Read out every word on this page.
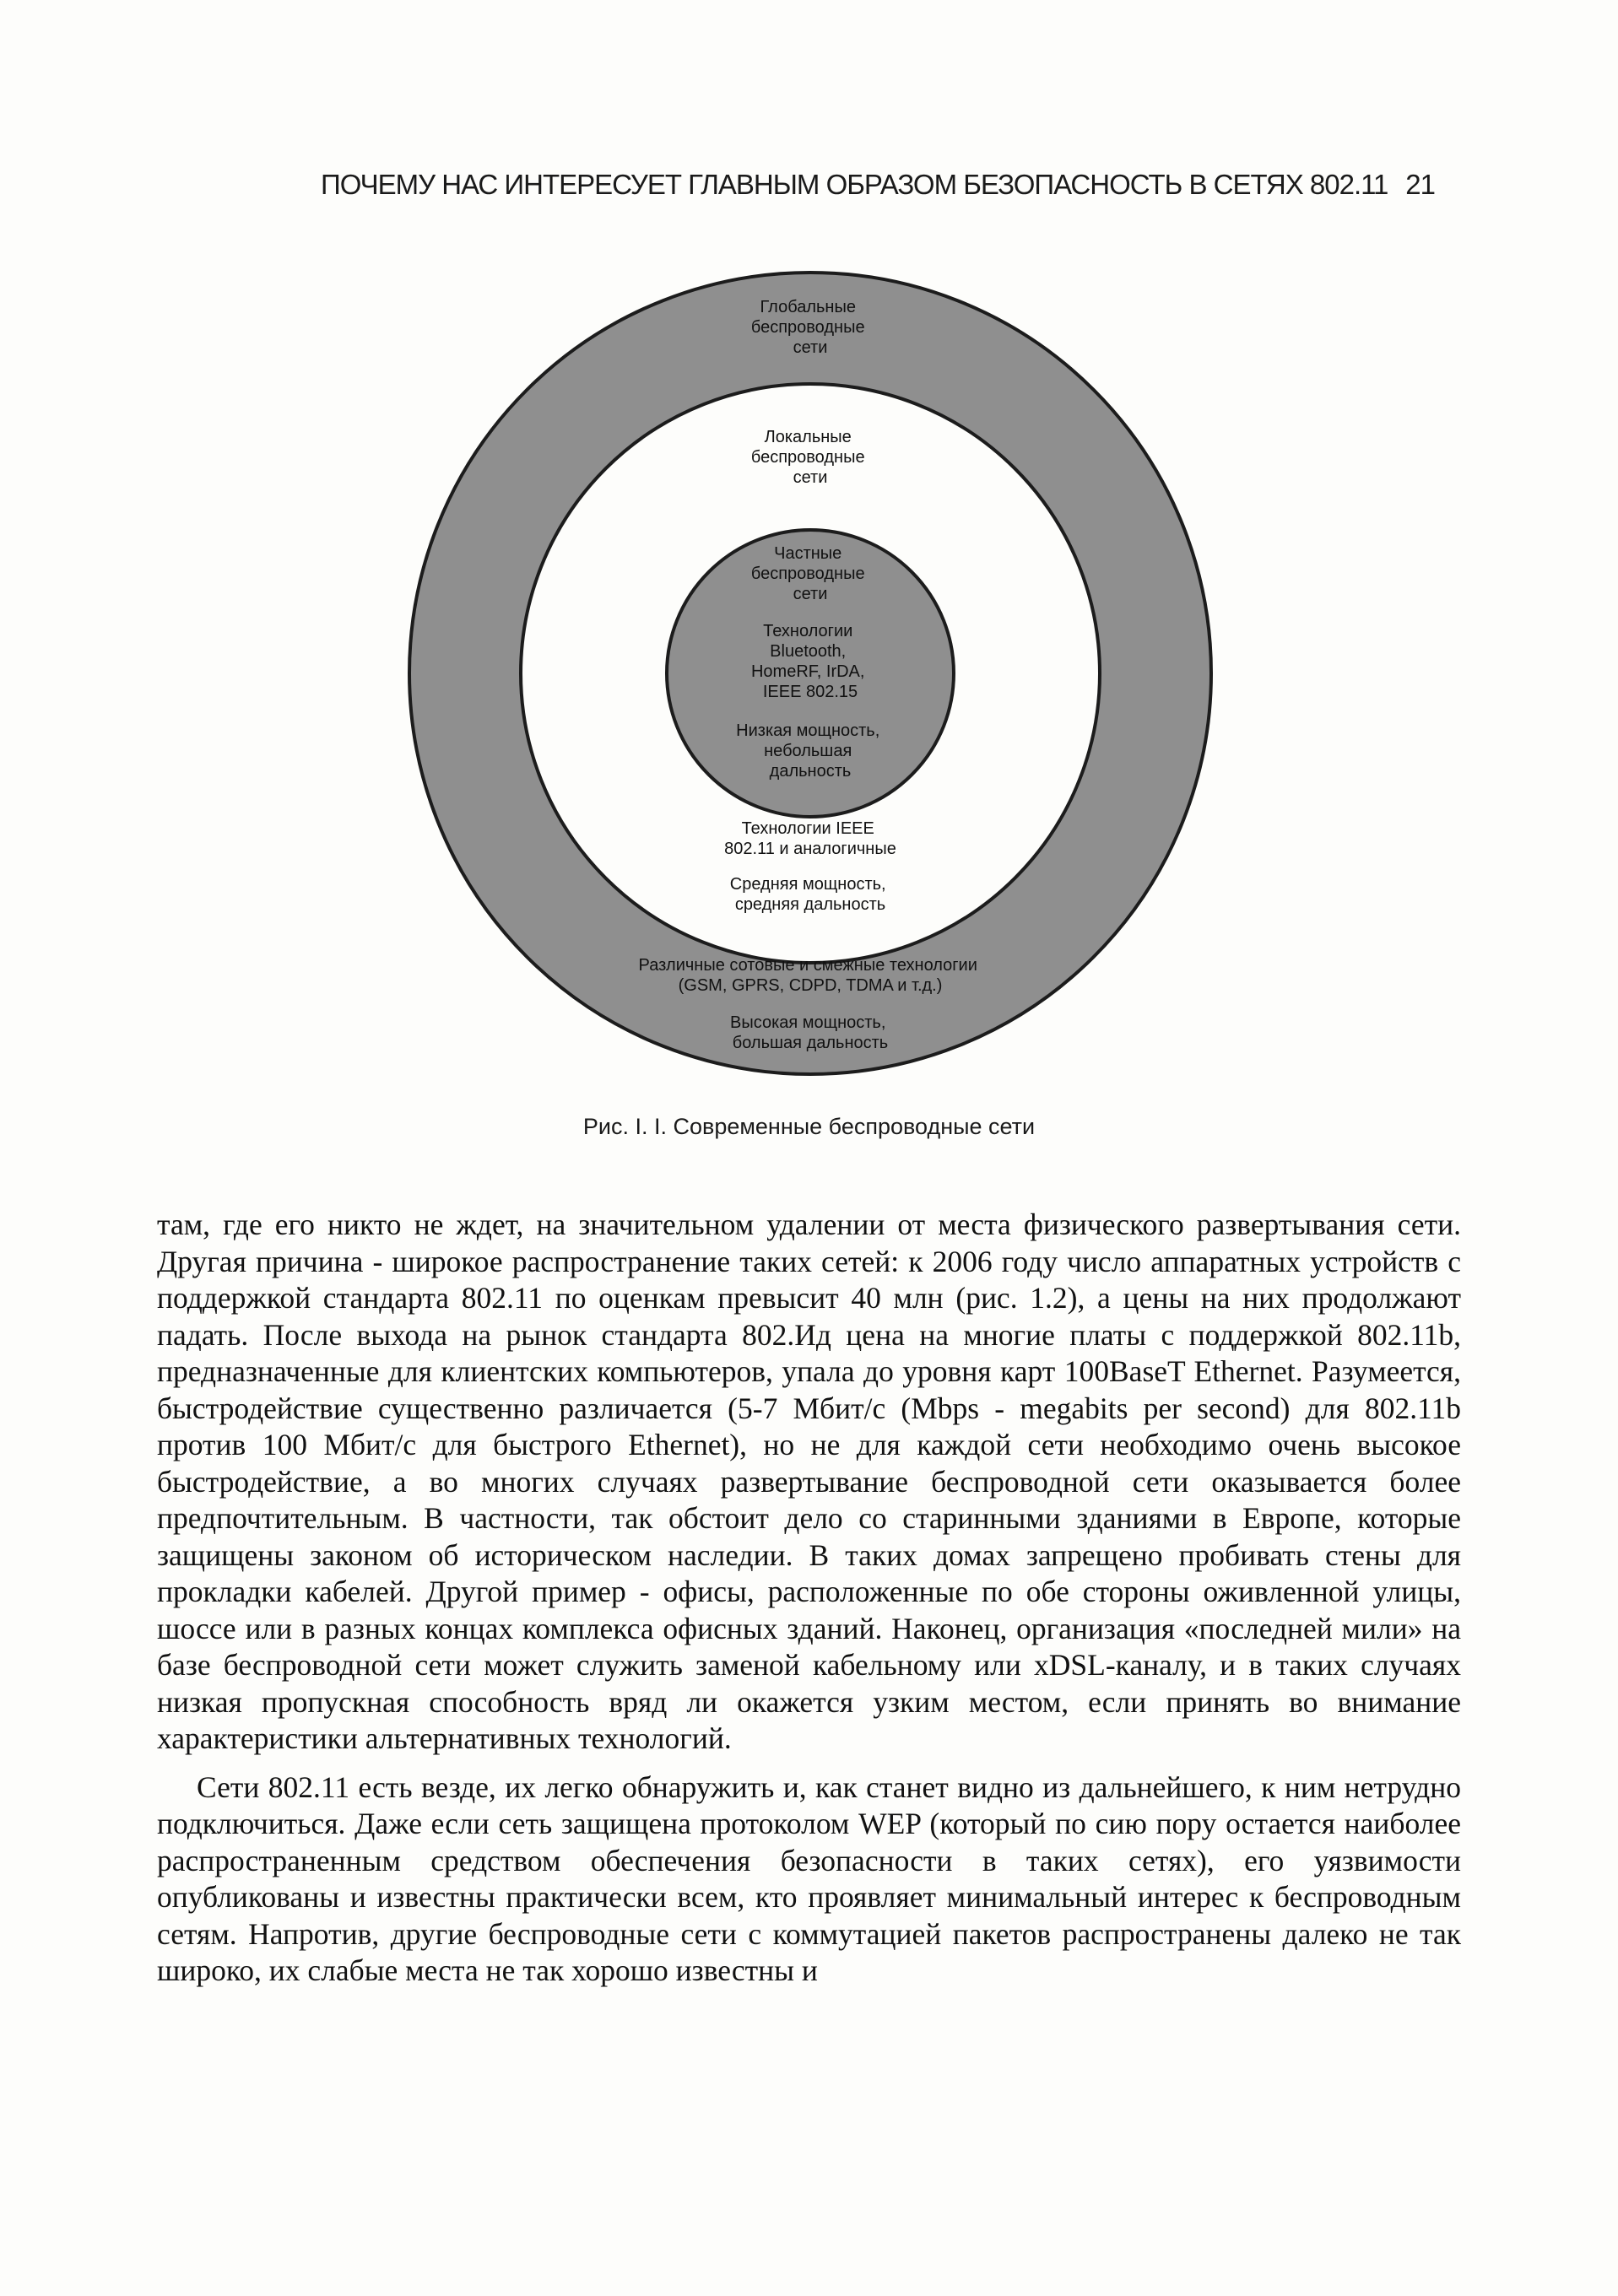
ПОЧЕМУ НАС ИНТЕРЕСУЕТ ГЛАВНЫМ ОБРАЗОМ БЕЗОПАСНОСТЬ В СЕТЯХ 802.11 21
Глобальные беспроводные сети
Локальные беспроводные сети
Частные беспроводные сети
Технологии Bluetooth, HomeRF, IrDA, IEEE 802.15
Низкая мощность, небольшая дальность
Технологии IEEE 802.11 и аналогичные
Средняя мощность, средняя дальность
Различные сотовые и смежные технологии (GSM, GPRS, CDPD, TDMA и т.д.)
Высокая мощность, большая дальность
Рис. I. I. Современные беспроводные сети

там, где его никто не ждет, на значительном удалении от места физического развертывания сети. Другая причина - широкое распространение таких сетей: к 2006 году число аппаратных устройств с поддержкой стандарта 802.11 по оценкам превысит 40 млн (рис. 1.2), а цены на них продолжают падать. После выхода на рынок стандарта 802.Ид цена на многие платы с поддержкой 802.11b, предназначенные для клиентских компьютеров, упала до уровня карт 100BaseT Ethernet. Разумеется, быстродействие существенно различается (5-7 Мбит/с (Mbps - megabits per second) для 802.11b против 100 Мбит/с для быстрого Ethernet), но не для каждой сети необходимо очень высокое быстродействие, а во многих случаях развертывание беспроводной сети оказывается более предпочтительным. В частности, так обстоит дело со старинными зданиями в Европе, которые защищены законом об историческом наследии. В таких домах запрещено пробивать стены для прокладки кабелей. Другой пример - офисы, расположенные по обе стороны оживленной улицы, шоссе или в разных концах комплекса офисных зданий. Наконец, организация «последней мили» на базе беспроводной сети может служить заменой кабельному или xDSL-каналу, и в таких случаях низкая пропускная способность вряд ли окажется узким местом, если принять во внимание характеристики альтернативных технологий.

Сети 802.11 есть везде, их легко обнаружить и, как станет видно из дальнейшего, к ним нетрудно подключиться. Даже если сеть защищена протоколом WEP (который по сию пору остается наиболее распространенным средством обеспечения безопасности в таких сетях), его уязвимости опубликованы и известны практически всем, кто проявляет минимальный интерес к беспроводным сетям. Напротив, другие беспроводные сети с коммутацией пакетов распространены далеко не так широко, их слабые места не так хорошо известны и
